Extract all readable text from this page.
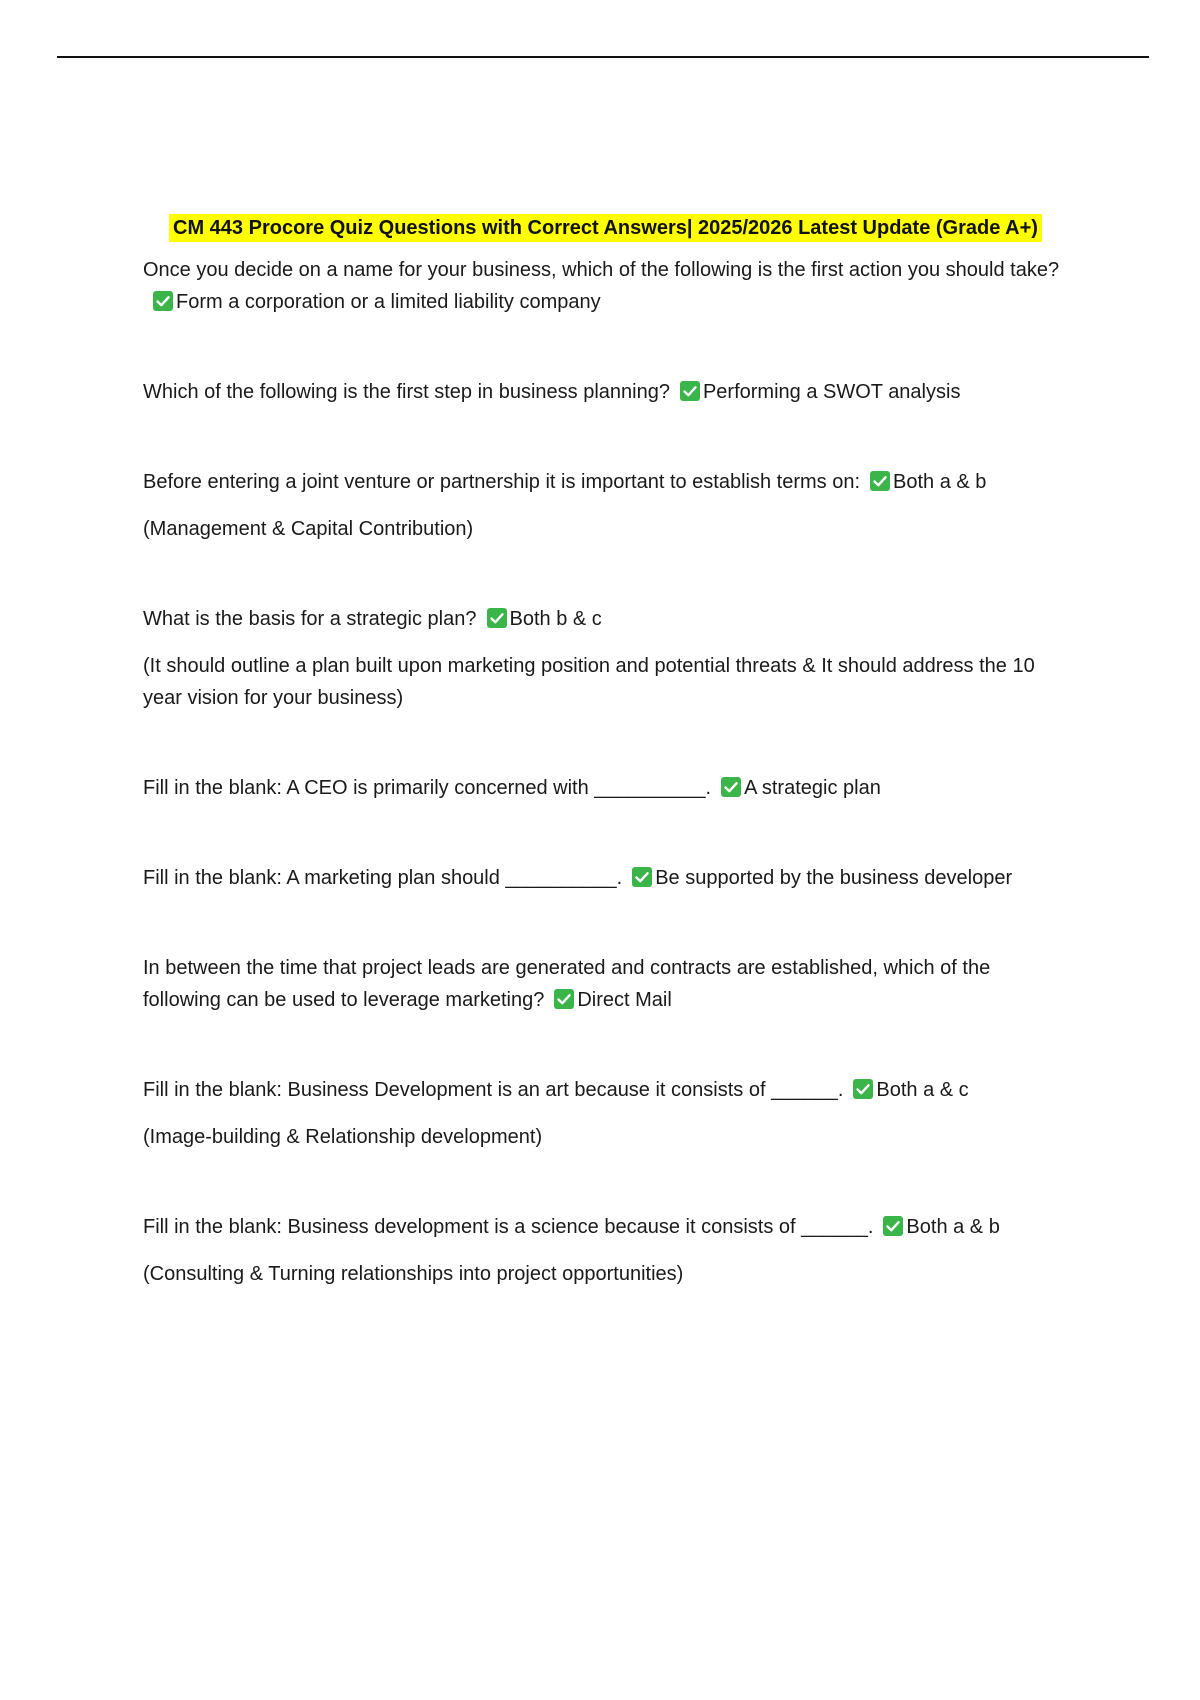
CM 443 Procore Quiz Questions with Correct Answers| 2025/2026 Latest Update (Grade A+)

Once you decide on a name for your business, which of the following is the first action you should take?
Form a corporation or a limited liability company

Which of the following is the first step in business planning? Performing a SWOT analysis

Before entering a joint venture or partnership it is important to establish terms on: Both a & b

(Management & Capital Contribution)

What is the basis for a strategic plan? Both b & c

(It should outline a plan built upon marketing position and potential threats & It should address the 10 year vision for your business)

Fill in the blank: A CEO is primarily concerned with __________. A strategic plan

Fill in the blank: A marketing plan should __________. Be supported by the business developer

In between the time that project leads are generated and contracts are established, which of the following can be used to leverage marketing? Direct Mail

Fill in the blank: Business Development is an art because it consists of ______. Both a & c

(Image-building & Relationship development)

Fill in the blank: Business development is a science because it consists of ______. Both a & b

(Consulting & Turning relationships into project opportunities)
